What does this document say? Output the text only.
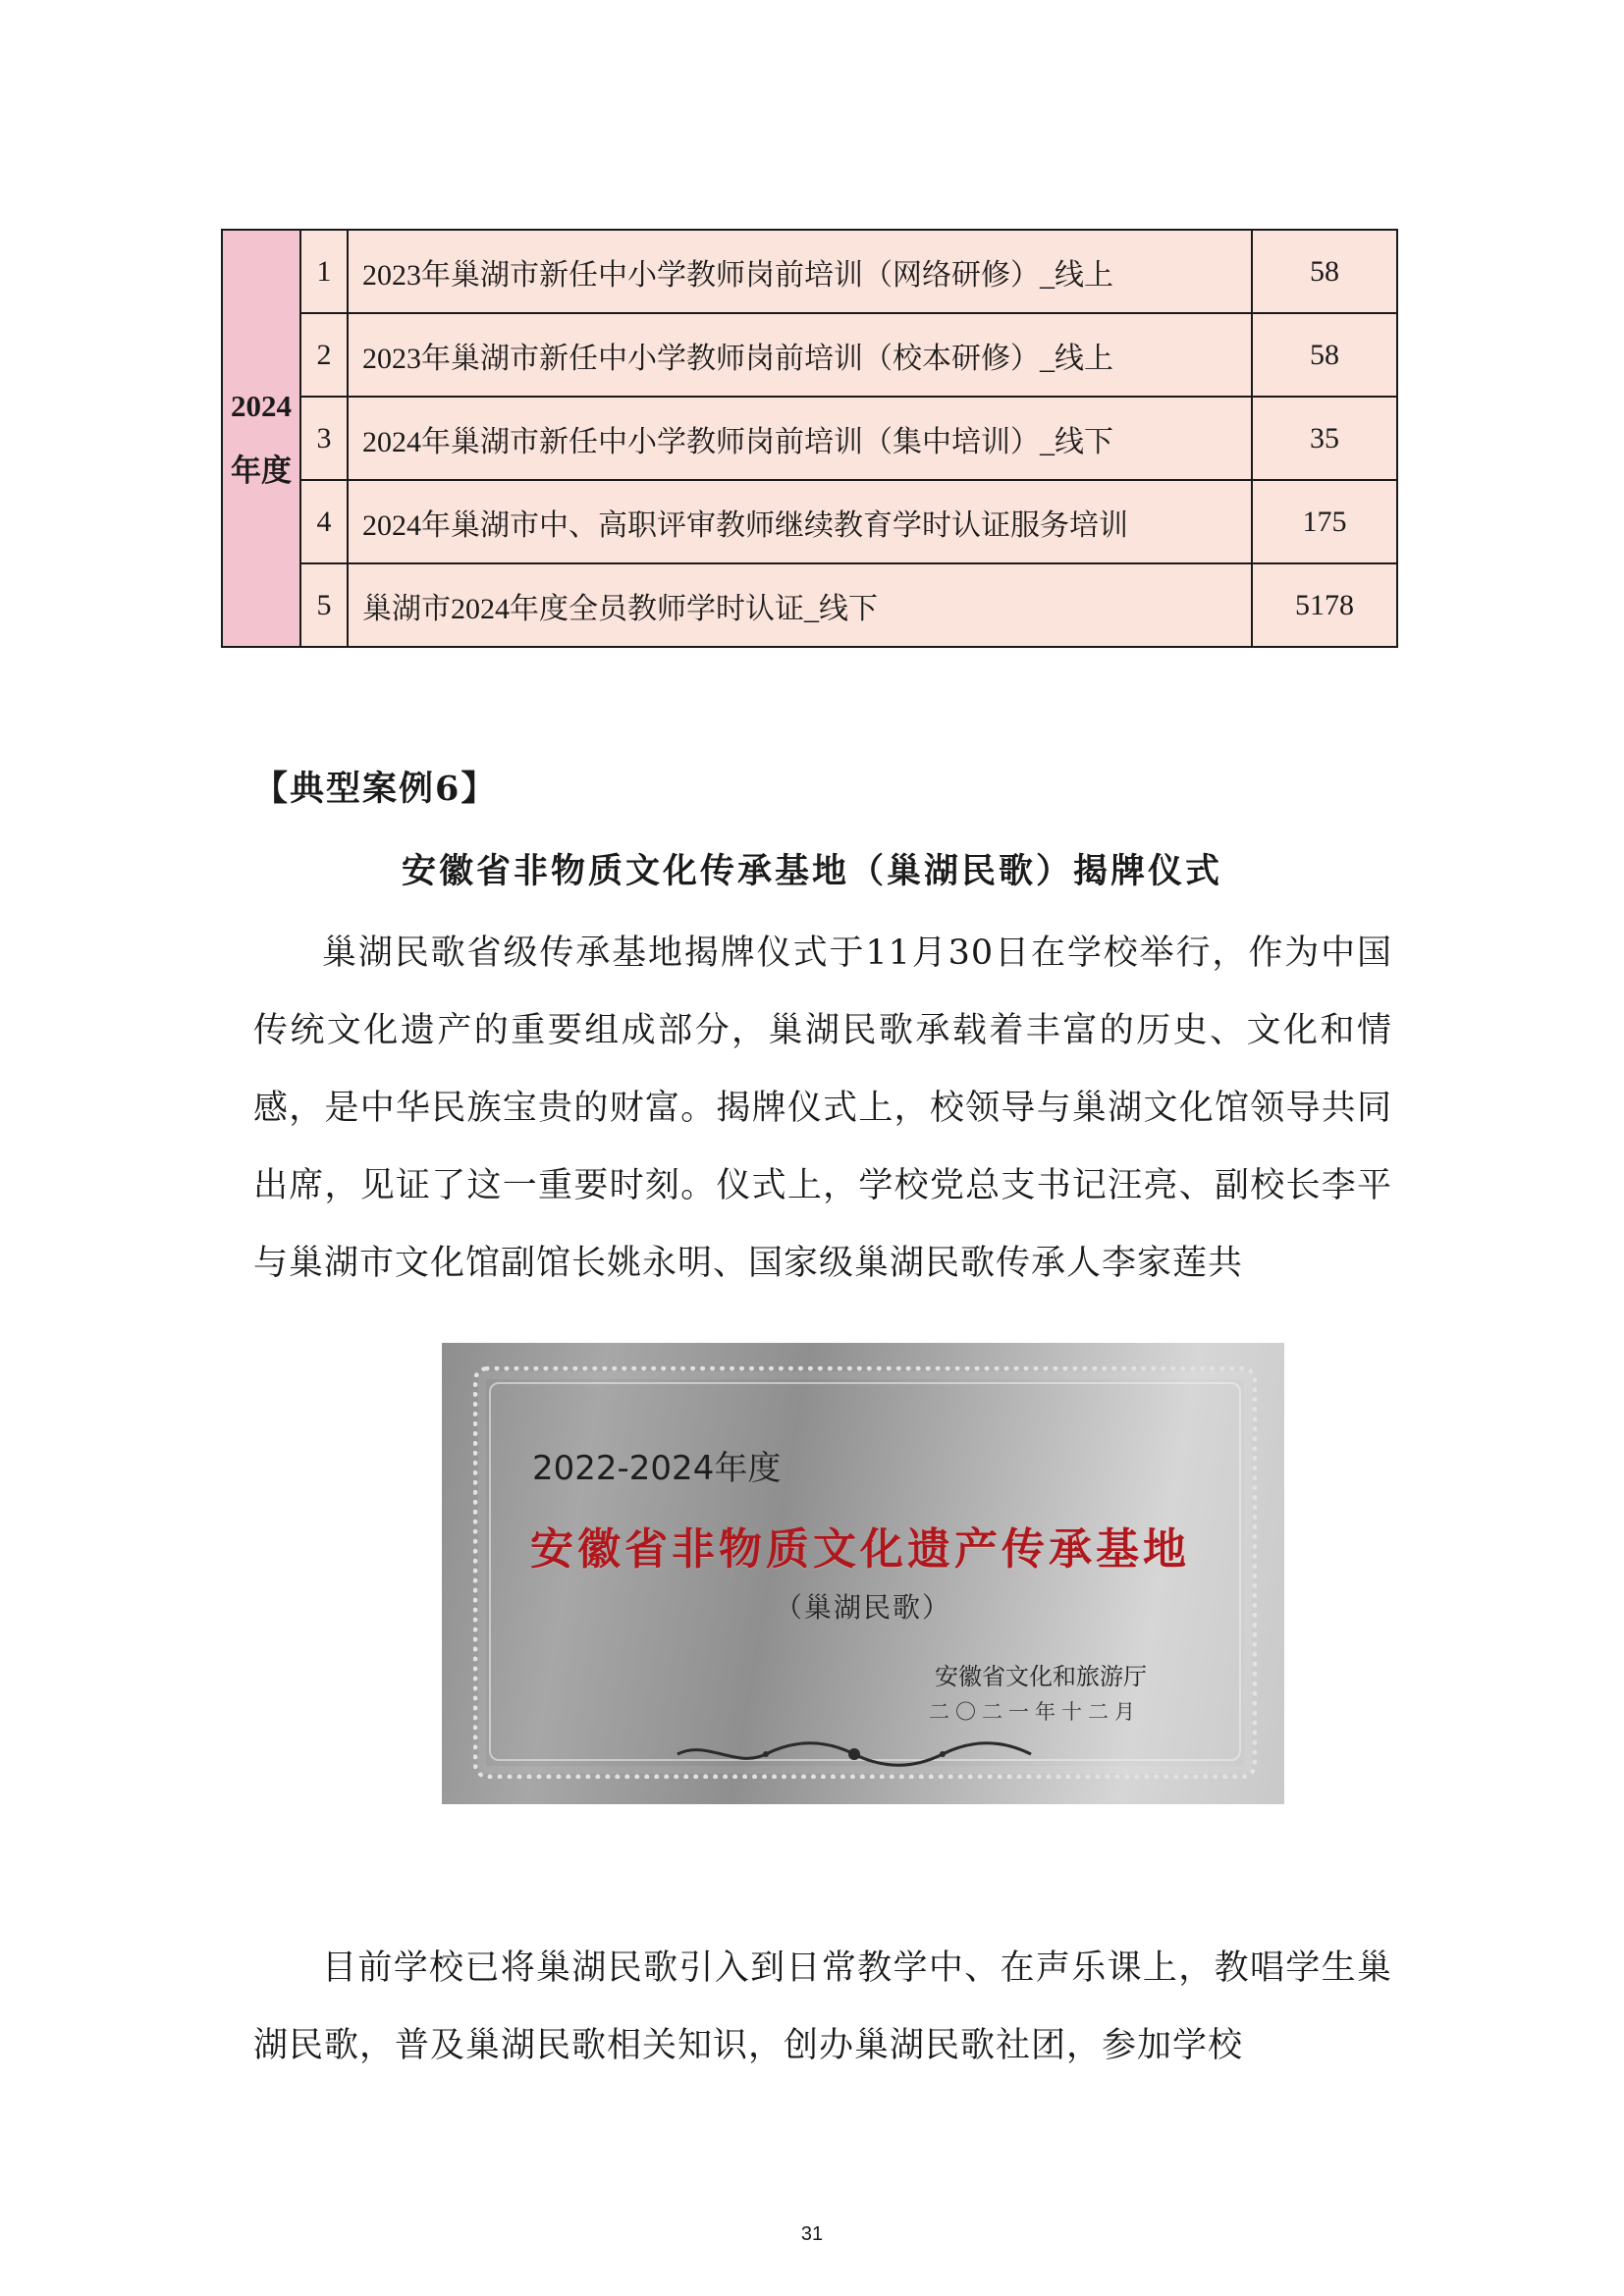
2024年度	1	2023年巢湖市新任中小学教师岗前培训（网络研修）_线上	58
	2	2023年巢湖市新任中小学教师岗前培训（校本研修）_线上	58
	3	2024年巢湖市新任中小学教师岗前培训（集中培训）_线下	35
	4	2024年巢湖市中、高职评审教师继续教育学时认证服务培训	175
	5	巢湖市2024年度全员教师学时认证_线下	5178
【典型案例6】
安徽省非物质文化传承基地（巢湖民歌）揭牌仪式

巢湖民歌省级传承基地揭牌仪式于11月30日在学校举行，作为中国传统文化遗产的重要组成部分，巢湖民歌承载着丰富的历史、文化和情感，是中华民族宝贵的财富。揭牌仪式上，校领导与巢湖文化馆领导共同出席，见证了这一重要时刻。仪式上，学校党总支书记汪亮、副校长李平与巢湖市文化馆副馆长姚永明、国家级巢湖民歌传承人李家莲共

2022-2024年度
安徽省非物质文化遗产传承基地
（巢湖民歌）
安徽省文化和旅游厅
二〇二一年十二月

目前学校已将巢湖民歌引入到日常教学中、在声乐课上，教唱学生巢湖民歌，普及巢湖民歌相关知识，创办巢湖民歌社团，参加学校

31
